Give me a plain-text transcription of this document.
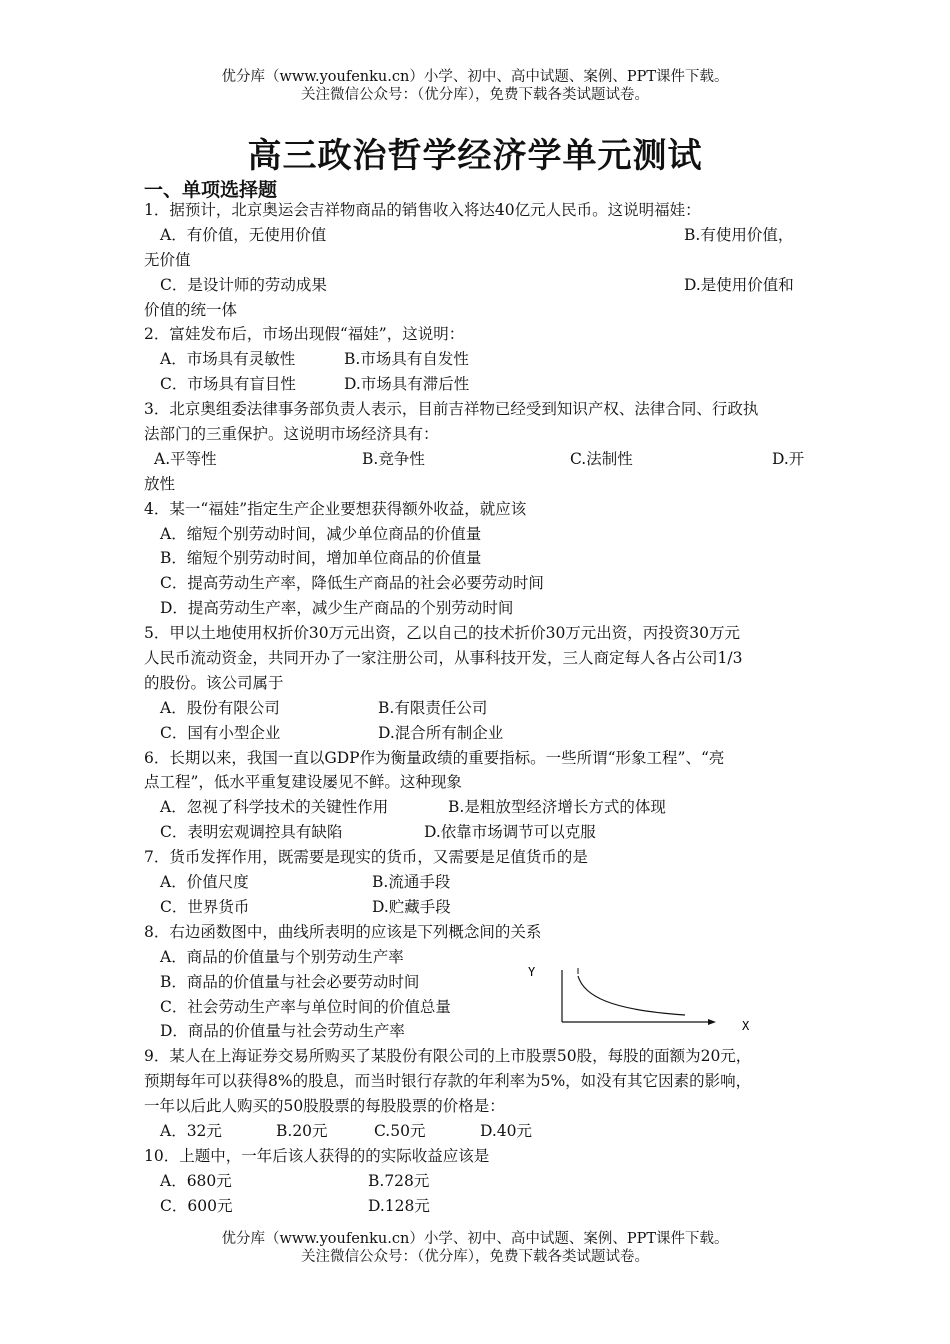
优分库（www.youfenku.cn）小学、初中、高中试题、案例、PPT课件下载。
关注微信公众号：（优分库），免费下载各类试题试卷。
高三政治哲学经济学单元测试
一、单项选择题
1．据预计，北京奥运会吉祥物商品的销售收入将达40亿元人民币。这说明福娃：
A．有价值，无使用价值	B.有使用价值，
无价值
C．是设计师的劳动成果	D.是使用价值和
价值的统一体
2．富娃发布后，市场出现假“福娃”，这说明：
A．市场具有灵敏性	B.市场具有自发性
C．市场具有盲目性	D.市场具有滞后性
3．北京奥组委法律事务部负责人表示，目前吉祥物已经受到知识产权、法律合同、行政执
法部门的三重保护。这说明市场经济具有：
A.平等性	B.竞争性	C.法制性	D.开
放性
4．某一“福娃”指定生产企业要想获得额外收益，就应该
A．缩短个别劳动时间，减少单位商品的价值量
B．缩短个别劳动时间，增加单位商品的价值量
C．提高劳动生产率，降低生产商品的社会必要劳动时间
D．提高劳动生产率，减少生产商品的个别劳动时间
5．甲以土地使用权折价30万元出资，乙以自己的技术折价30万元出资，丙投资30万元
人民币流动资金，共同开办了一家注册公司，从事科技开发，三人商定每人各占公司1/3
的股份。该公司属于
A．股份有限公司	B.有限责任公司
C．国有小型企业	D.混合所有制企业
6．长期以来，我国一直以GDP作为衡量政绩的重要指标。一些所谓“形象工程”、“亮
点工程”，低水平重复建设屡见不鲜。这种现象
A．忽视了科学技术的关键性作用	B.是粗放型经济增长方式的体现
C．表明宏观调控具有缺陷	D.依靠市场调节可以克服
7．货币发挥作用，既需要是现实的货币，又需要是足值货币的是
A．价值尺度	B.流通手段
C．世界货币	D.贮藏手段
8．右边函数图中，曲线所表明的应该是下列概念间的关系
A．商品的价值量与个别劳动生产率
B．商品的价值量与社会必要劳动时间
C．社会劳动生产率与单位时间的价值总量
D．商品的价值量与社会劳动生产率
9．某人在上海证券交易所购买了某股份有限公司的上市股票50股，每股的面额为20元，
预期每年可以获得8%的股息，而当时银行存款的年利率为5%，如没有其它因素的影响，
一年以后此人购买的50股股票的每股股票的价格是：
A．32元	B.20元	C.50元	D.40元
10．上题中，一年后该人获得的的实际收益应该是
A．680元	B.728元
C．600元	D.128元
Y
X
优分库（www.youfenku.cn）小学、初中、高中试题、案例、PPT课件下载。
关注微信公众号：（优分库），免费下载各类试题试卷。
